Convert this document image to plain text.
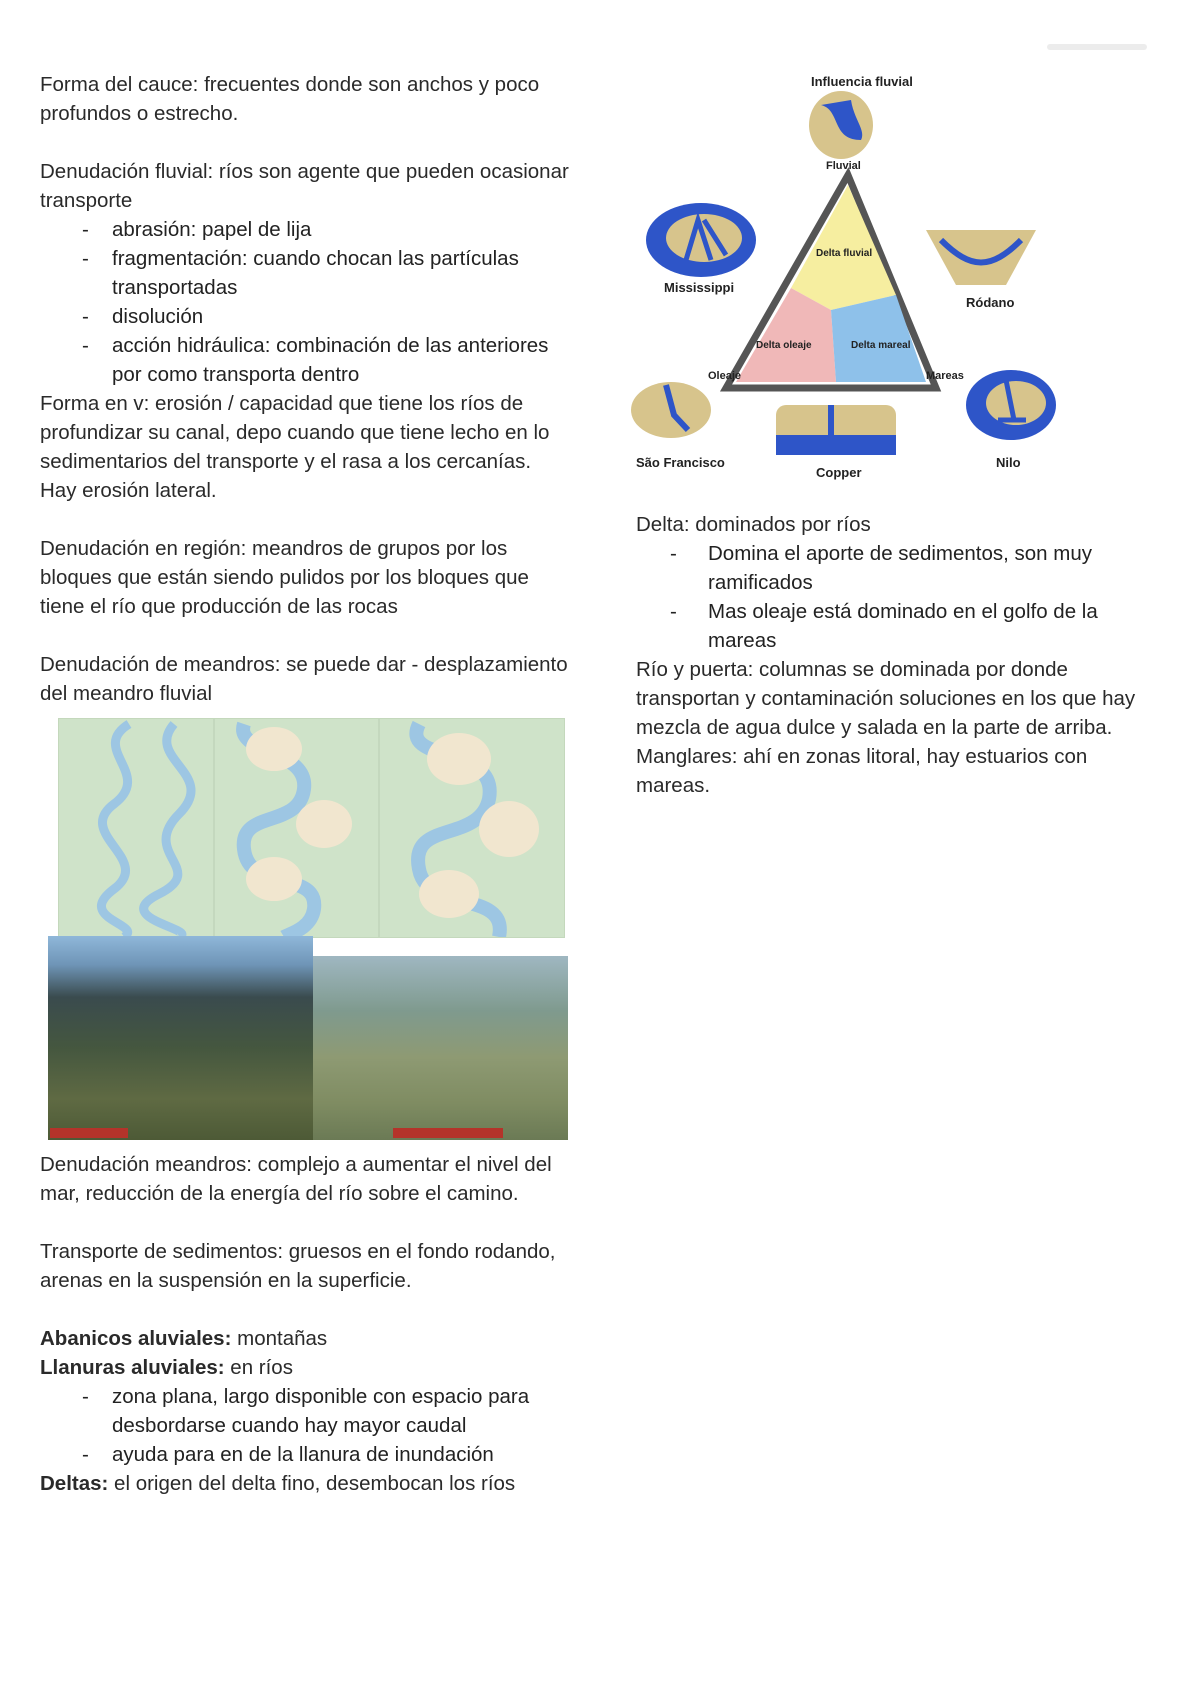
Forma del cauce: frecuentes donde son anchos y poco profundos o estrecho.

Denudación fluvial: ríos son agente que pueden ocasionar transporte

- abrasión: papel de lija
- fragmentación: cuando chocan las partículas transportadas
- disolución
- acción hidráulica: combinación de las anteriores por como transporta dentro

Forma en v: erosión / capacidad que tiene los ríos de profundizar su canal, depo cuando que tiene lecho en lo sedimentarios del transporte y el rasa a los cercanías. Hay erosión lateral.

Denudación en región: meandros de grupos por los bloques que están siendo pulidos por los bloques que tiene el río que producción de las rocas

Denudación de meandros: se puede dar - desplazamiento del meandro fluvial

Denudación meandros: complejo a aumentar el nivel del mar, reducción de la energía del río sobre el camino.

Transporte de sedimentos: gruesos en el fondo rodando, arenas en la suspensión en la superficie.

Abanicos aluviales: montañas

Llanuras aluviales: en ríos

- zona plana, largo disponible con espacio para desbordarse cuando hay mayor caudal
- ayuda para en de la llanura de inundación

Deltas: el origen del delta fino, desembocan los ríos

Influencia fluvial
Mississippi
Ródano
São Francisco
Copper
Nilo
Oleaje	Mareas
Fluvial
Delta fluvial
Delta oleaje	Delta mareal

Delta: dominados por ríos

- Domina el aporte de sedimentos, son muy ramificados
- Mas oleaje está dominado en el golfo de la mareas

Río y puerta: columnas se dominada por donde transportan y contaminación soluciones en los que hay mezcla de agua dulce y salada en la parte de arriba.

Manglares: ahí en zonas litoral, hay estuarios con mareas.
